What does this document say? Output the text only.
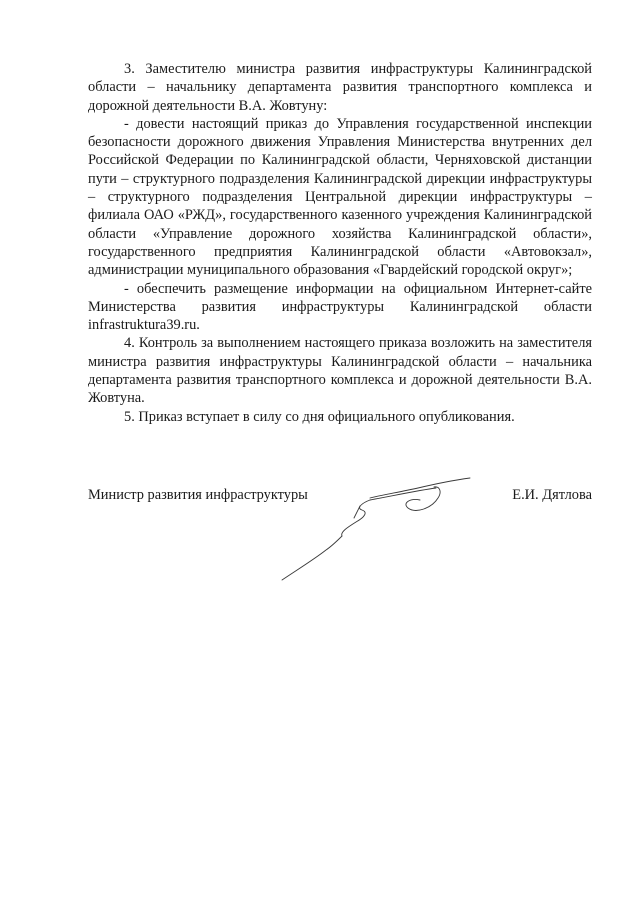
3. Заместителю министра развития инфраструктуры Калининградской области – начальнику департамента развития транспортного комплекса и дорожной деятельности В.А. Жовтуну:

- довести настоящий приказ до Управления государственной инспекции безопасности дорожного движения Управления Министерства внутренних дел Российской Федерации по Калининградской области, Черняховской дистанции пути – структурного подразделения Калининградской дирекции инфраструктуры – структурного подразделения Центральной дирекции инфраструктуры – филиала ОАО «РЖД», государственного казенного учреждения Калининградской области «Управление дорожного хозяйства Калининградской области», государственного предприятия Калининградской области «Автовокзал», администрации муниципального образования «Гвардейский городской округ»;

- обеспечить размещение информации на официальном Интернет-сайте Министерства развития инфраструктуры Калининградской области infrastruktura39.ru.

4. Контроль за выполнением настоящего приказа возложить на заместителя министра развития инфраструктуры Калининградской области – начальника департамента развития транспортного комплекса и дорожной деятельности В.А. Жовтуна.

5. Приказ вступает в силу со дня официального опубликования.

Министр развития инфраструктуры	Е.И. Дятлова
